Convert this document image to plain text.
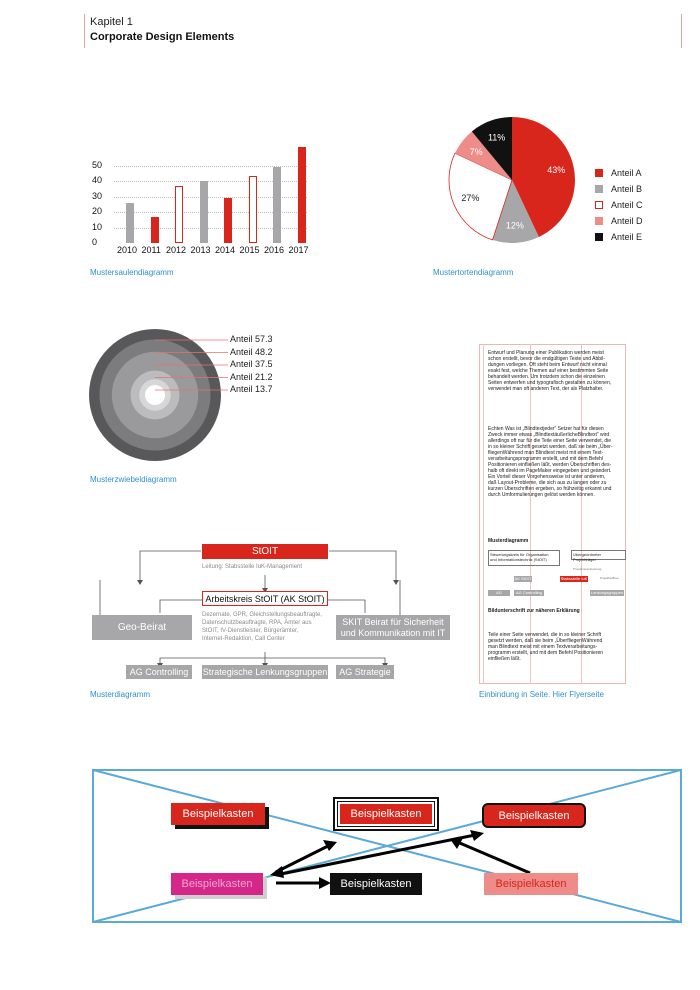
Kapitel 1
Corporate Design Elements
0
10
20
30
40
50
2010 2011 2012 2013 2014 2015 2016 2017
Mustersaulendiagramm
43%
12%
27%
7%
11%
Anteil A
Anteil B
Anteil C
Anteil D
Anteil E
Mustertortendiagramm
Anteil 57.3
Anteil 48.2
Anteil 37.5
Anteil 21.2
Anteil 13.7
Musterzwiebeldiagramm
StOIT
Leitung: Stabsstelle IuK-Management
Arbeitskreis StOIT (AK StOIT)
Dezernate, GPR, Gleichstellungsbeauftragte,
Datenschutzbeauftragte, RPA, Ämter aus
StOIT, IV-Dienstleister, Bürgerämter,
Internet-Redaktion, Call Center
Geo-Beirat
SKIT Beirat für Sicherheit
und Kommunikation mit IT
AG Controlling	Strategische Lenkungsgruppen	AG Strategie
Musterdiagramm
Entwurf und Planung einer Publikation werden meist
schon erstellt, bevor die endgültigen Texte und Abbil-
dungen vorliegen. Oft steht beim Entwurf nicht einmal
exakt fest, welche Themen auf einer bestimmten Seite
behandelt werden. Um trotzdem schon die einzelnen
Seiten entwerfen und typografisch gestalten zu können,
verwendet man oft anderen Text, der als Platzhalter.
Echten Was ist „Blindtextjeder“ Setzer hat für diesen
Zweck immer etwas „BlindtextäußerlicheBlindtext“ wird
allerdings oft nur für die Teile einer Seite verwendet, die
in so kleiner Schrift gesetzt werden, daß sie beim „Über-
fliegenWährend man Blindtext meist mit einem Text-
verarbeitungsprogramm erstellt, und mit dem Befehl
Positionieren einfließen läßt, werden Überschriften des-
halb oft direkt im PageMaker eingegeben und geändert.
Ein Vorteil dieser Vorgehensweise ist unter anderem,
daß Layout-Probleme, die sich aus zu langen oder zu
kurzen Überschriften ergeben, so frühzeitig erkannt und
durch Umformulierungen gelöst werden können.
Musterdiagramm
Steuerungskreis für Organisation
und Informationstechnik (StOIT)
Übergeordneter Projektträger
AK StOIT	Stabsstelle IuK
AG Strategie
AG Controlling	Lenkungsgruppen
Projektverantwortung
Projektaufbau
Bildunterschrift zur näheren Erklärung
Teile einer Seite verwendet, die in so kleiner Schrift
gesetzt werden, daß sie beim „ÜberfliegenWährend
man Blindtext meist mit einem Textverarbeitungs-
programm erstellt, und mit dem Befehl Positionieren
einfließen läßt.
Einbindung in Seite. Hier Flyerseite
Beispielkasten	Beispielkasten	Beispielkasten
Beispielkasten	Beispielkasten	Beispielkasten
